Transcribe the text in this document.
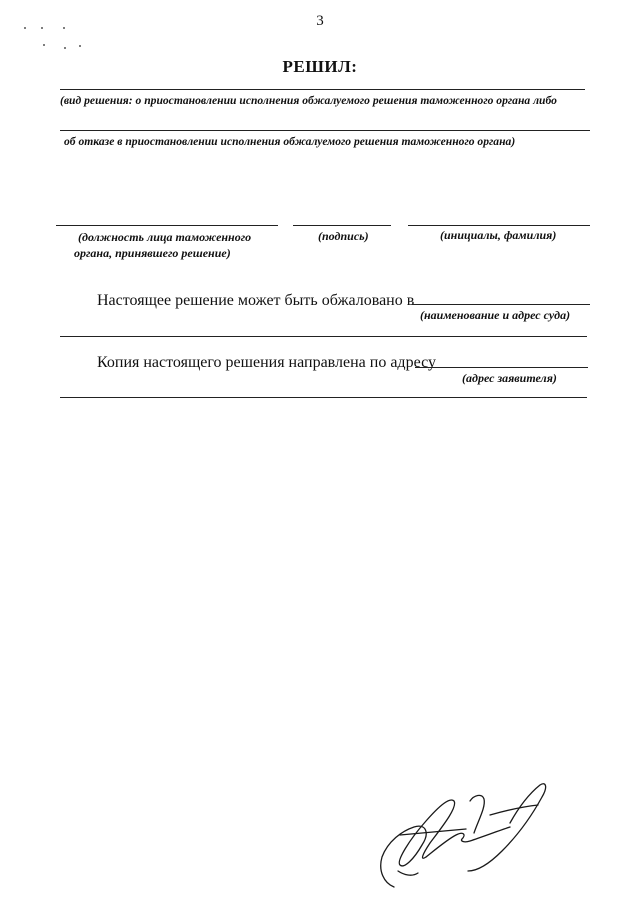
3
РЕШИЛ:
(вид решения: о приостановлении исполнения обжалуемого решения таможенного органа либо
об отказе в приостановлении исполнения обжалуемого решения таможенного органа)
(должность лица таможенного
органа, принявшего решение)
(подпись)	(инициалы, фамилия)
Настоящее решение может быть обжаловано в
(наименование и адрес суда)
Копия настоящего решения направлена по адресу
(адрес заявителя)
